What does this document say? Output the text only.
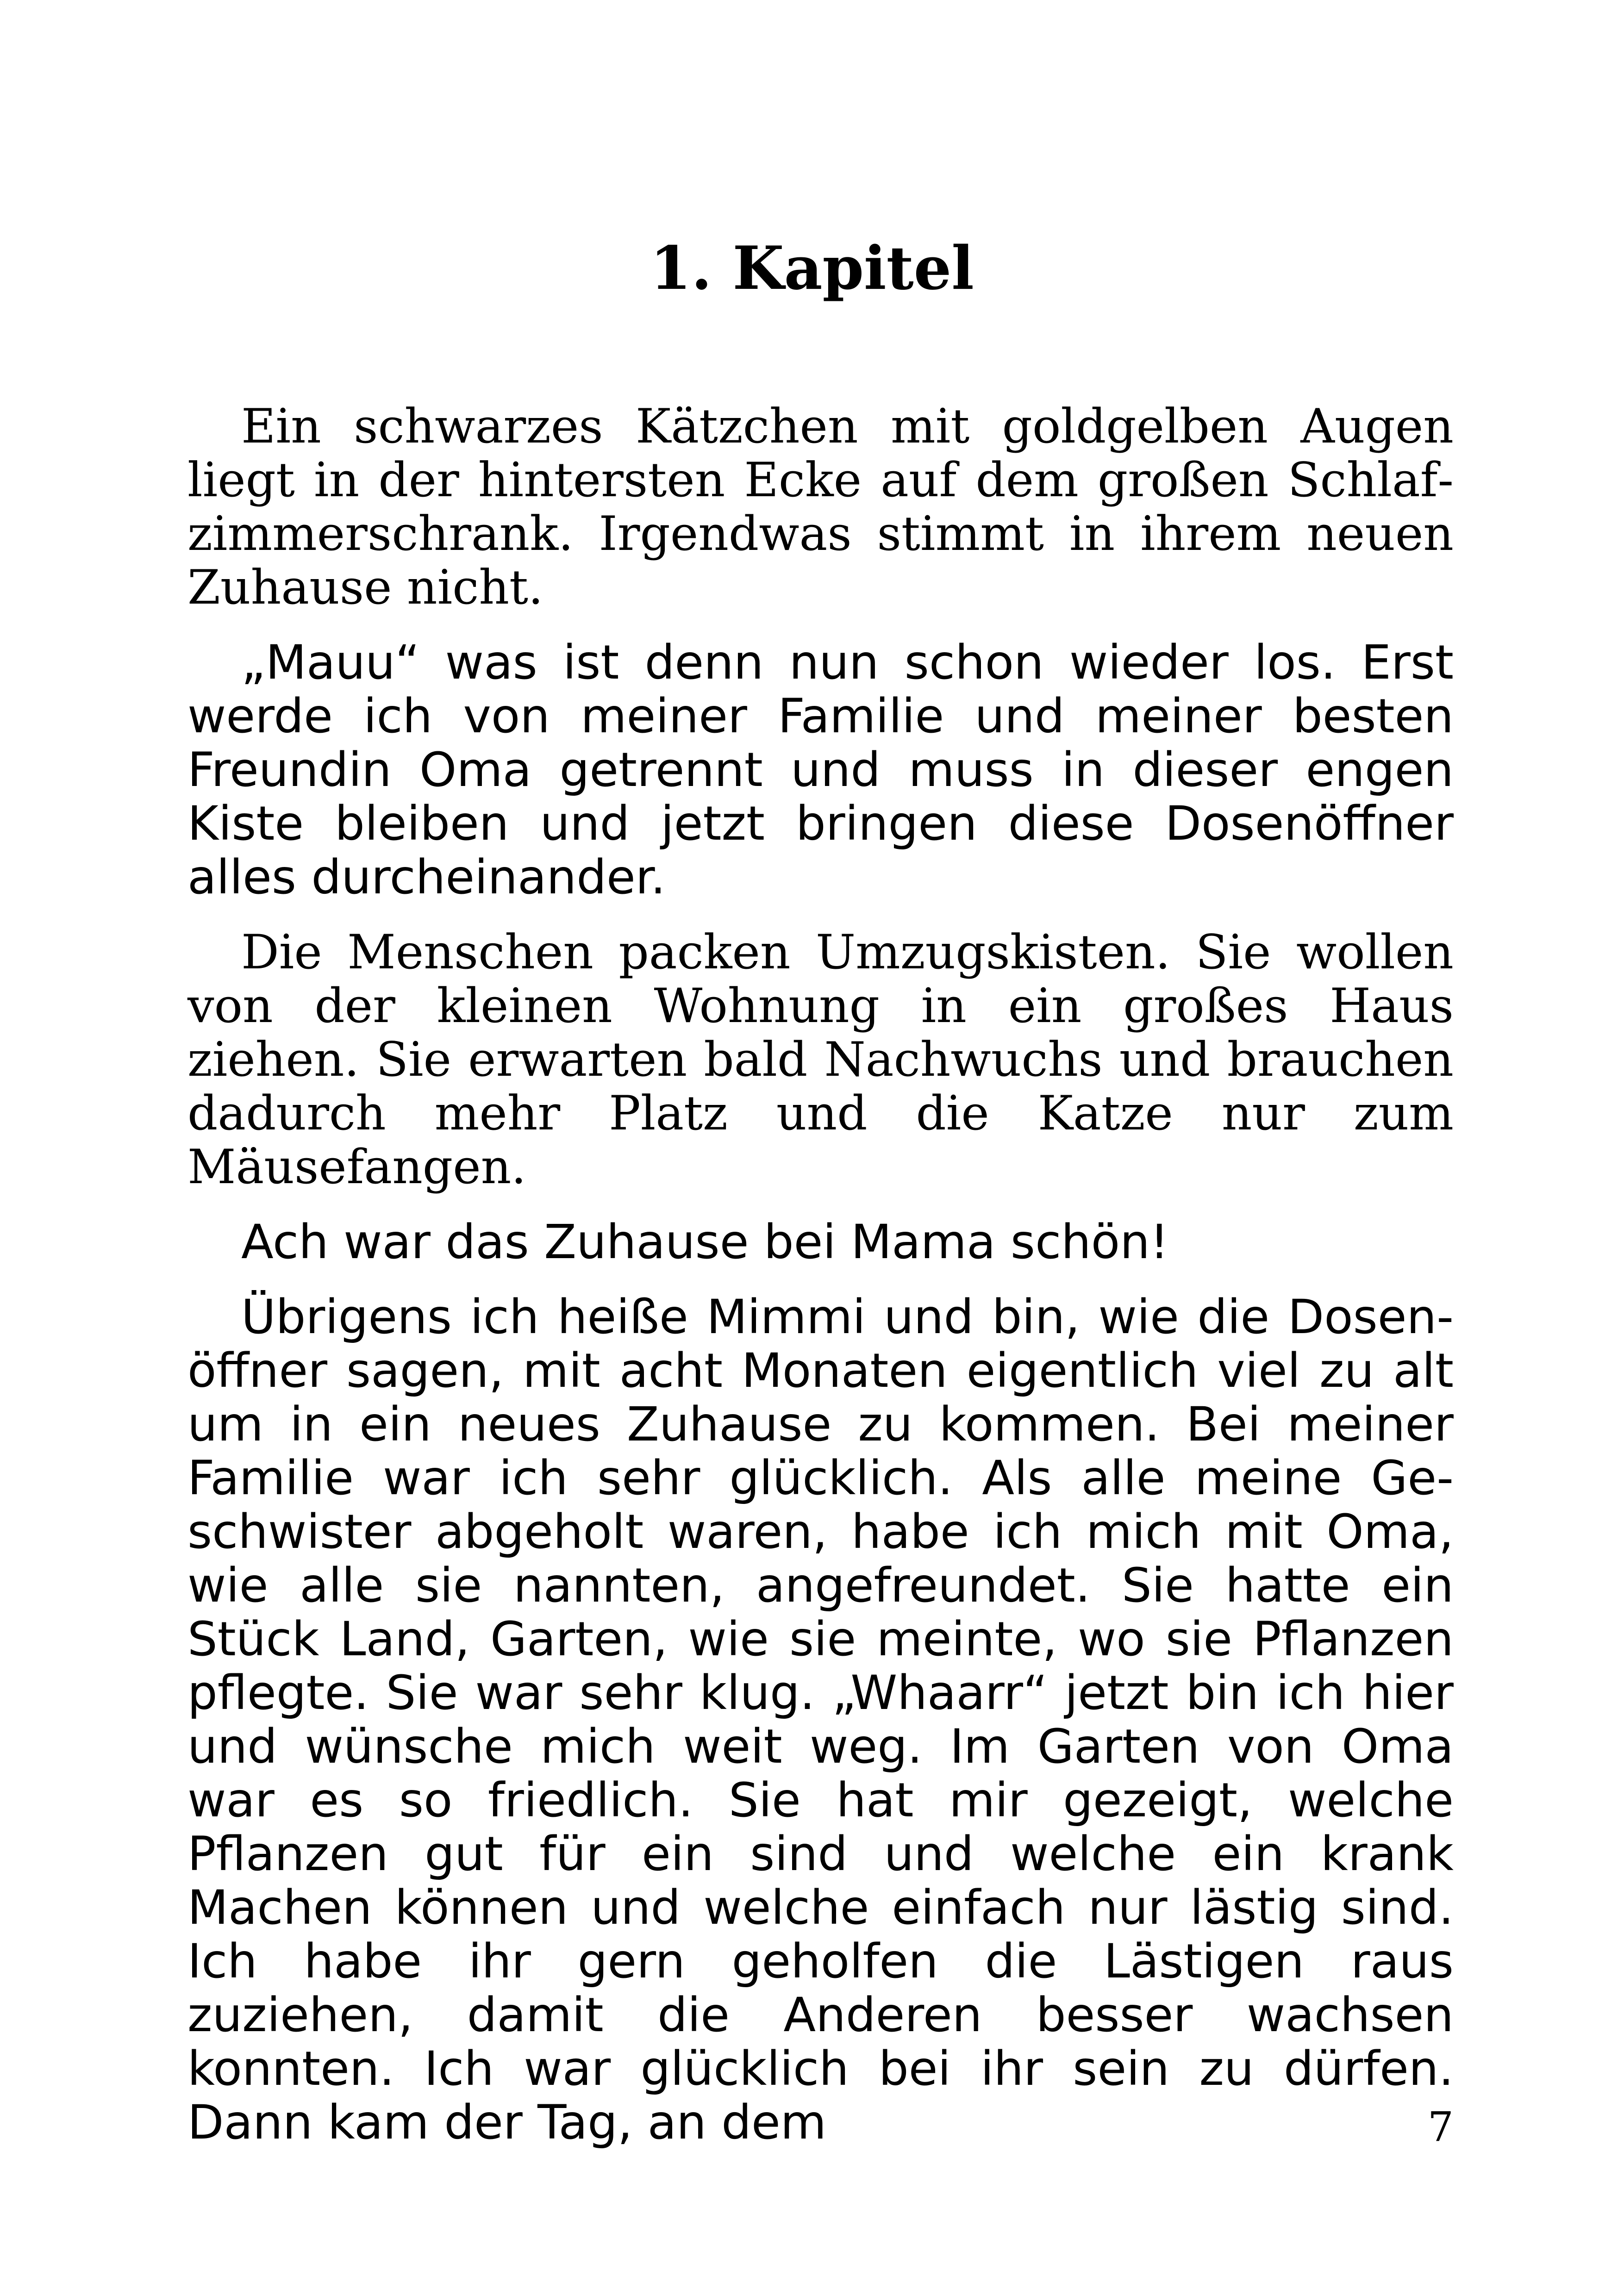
1. Kapitel

Ein schwarzes Kätzchen mit goldgelben Augen liegt in der hintersten Ecke auf dem großen Schlafzimmerschrank. Irgendwas stimmt in ihrem neuen Zuhause nicht.

„Mauu“ was ist denn nun schon wieder los. Erst werde ich von meiner Familie und meiner besten Freundin Oma getrennt und muss in dieser engen Kiste bleiben und jetzt bringen diese Dosenöffner alles durcheinander.

Die Menschen packen Umzugskisten. Sie wollen von der kleinen Wohnung in ein großes Haus ziehen. Sie erwarten bald Nachwuchs und brauchen dadurch mehr Platz und die Katze nur zum Mäusefangen.

Ach war das Zuhause bei Mama schön!

Übrigens ich heiße Mimmi und bin, wie die Dosenöffner sagen, mit acht Monaten eigentlich viel zu alt um in ein neues Zuhause zu kommen. Bei meiner Familie war ich sehr glücklich. Als alle meine Geschwister abgeholt waren, habe ich mich mit Oma, wie alle sie nannten, angefreundet. Sie hatte ein Stück Land, Garten, wie sie meinte, wo sie Pflanzen pflegte. Sie war sehr klug. „Whaarr“ jetzt bin ich hier und wünsche mich weit weg. Im Garten von Oma war es so friedlich. Sie hat mir gezeigt, welche Pflanzen gut für ein sind und welche ein krank Machen können und welche einfach nur lästig sind. Ich habe ihr gern geholfen die Lästigen raus zuziehen, damit die Anderen besser wachsen konnten. Ich war glücklich bei ihr sein zu dürfen. Dann kam der Tag, an dem	7
